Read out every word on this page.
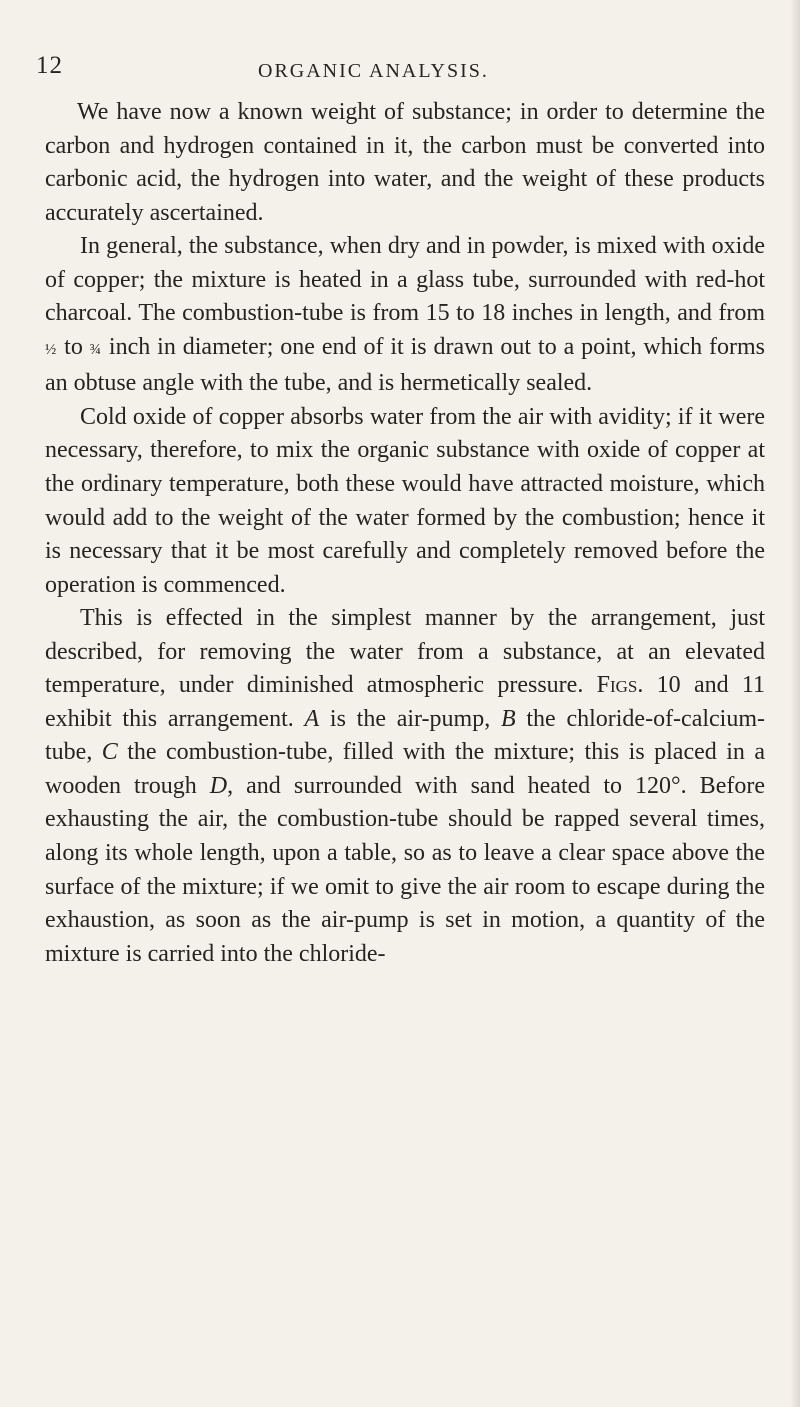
12	ORGANIC ANALYSIS.

We have now a known weight of substance; in order to determine the carbon and hydrogen contained in it, the carbon must be converted into carbonic acid, the hydrogen into water, and the weight of these products accurately ascertained.

In general, the substance, when dry and in powder, is mixed with oxide of copper; the mixture is heated in a glass tube, surrounded with red-hot charcoal. The combustion-tube is from 15 to 18 inches in length, and from ½ to ¾ inch in diameter; one end of it is drawn out to a point, which forms an obtuse angle with the tube, and is hermetically sealed.

Cold oxide of copper absorbs water from the air with avidity; if it were necessary, therefore, to mix the organic substance with oxide of copper at the ordinary temperature, both these would have attracted moisture, which would add to the weight of the water formed by the combustion; hence it is necessary that it be most carefully and completely removed before the operation is commenced.

This is effected in the simplest manner by the arrangement, just described, for removing the water from a substance, at an elevated temperature, under diminished atmospheric pressure. Figs. 10 and 11 exhibit this arrangement. A is the air-pump, B the chloride-of-calcium-tube, C the combustion-tube, filled with the mixture; this is placed in a wooden trough D, and surrounded with sand heated to 120°. Before exhausting the air, the combustion-tube should be rapped several times, along its whole length, upon a table, so as to leave a clear space above the surface of the mixture; if we omit to give the air room to escape during the exhaustion, as soon as the air-pump is set in motion, a quantity of the mixture is carried into the chloride-
